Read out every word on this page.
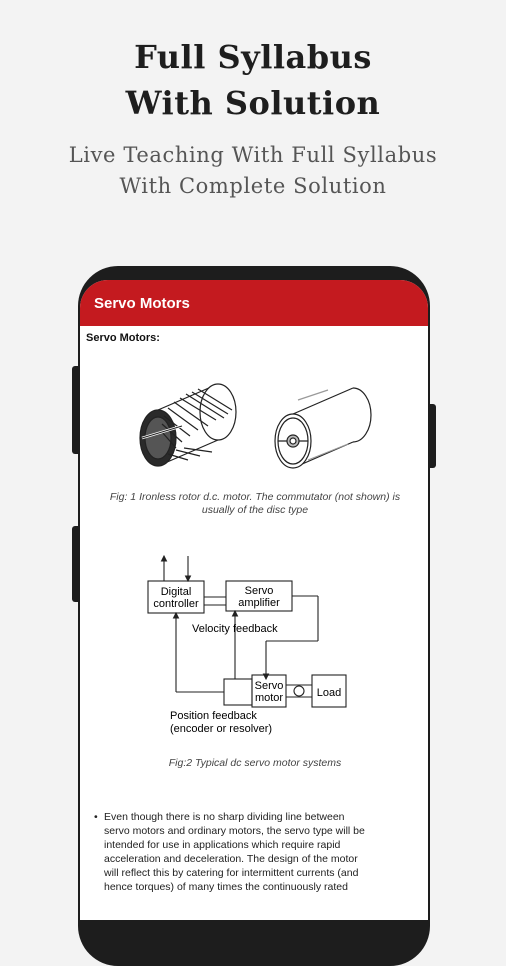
Full Syllabus
With Solution
Live Teaching With Full Syllabus
With Complete Solution
Servo Motors
Servo Motors:
Fig: 1 Ironless rotor d.c. motor. The commutator (not shown) is
usually of the disc type
Digital
controller
Servo
amplifier
Velocity feedback
Servo
motor	Load
Position feedback
(encoder or resolver)
Fig:2 Typical dc servo motor systems
• Even though there is no sharp dividing line between
servo motors and ordinary motors, the servo type will be
intended for use in applications which require rapid
acceleration and deceleration. The design of the motor
will reflect this by catering for intermittent currents (and
hence torques) of many times the continuously rated
